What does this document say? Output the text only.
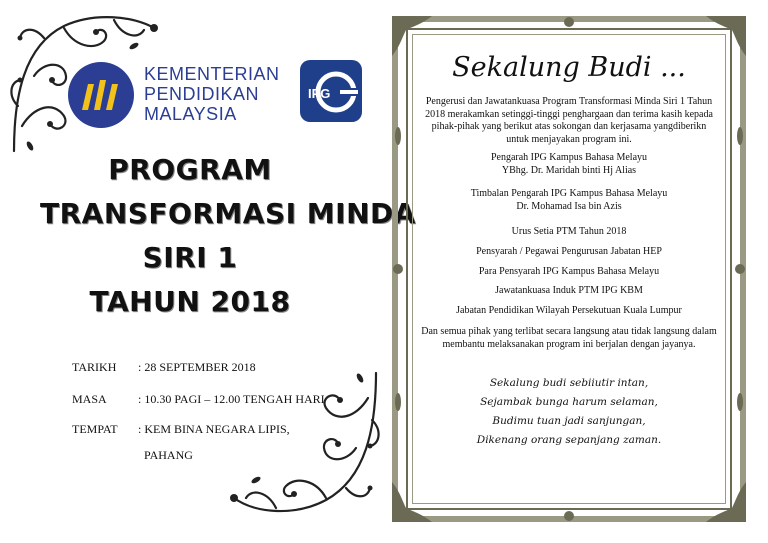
KEMENTERIAN
PENDIDIKAN
MALAYSIA
IPG
PROGRAM
TRANSFORMASI MINDA
SIRI 1
TAHUN 2018
TARIKH : 28 SEPTEMBER 2018
MASA	: 10.30 PAGI – 12.00 TENGAH HARI
TEMPAT : KEM BINA NEGARA LIPIS,
PAHANG
Sekalung Budi ...
Pengerusi dan Jawatankuasa Program Transformasi Minda Siri 1 Tahun 2018 merakamkan setinggi-tinggi penghargaan dan terima kasih kepada pihak-pihak yang berikut atas sokongan dan kerjasama yangdiberikn untuk menjayakan program ini.
Pengarah IPG Kampus Bahasa Melayu
YBhg. Dr. Maridah binti Hj Alias
Timbalan Pengarah IPG Kampus Bahasa Melayu
Dr. Mohamad Isa bin Azis
Urus Setia PTM Tahun 2018
Pensyarah / Pegawai Pengurusan Jabatan HEP
Para Pensyarah IPG Kampus Bahasa Melayu
Jawatankuasa Induk PTM IPG KBM
Jabatan Pendidikan Wilayah Persekutuan Kuala Lumpur
Dan semua pihak yang terlibat secara langsung atau tidak langsung dalam membantu melaksanakan program ini berjalan dengan jayanya.
Sekalung budi sebiiutir intan,
Sejambak bunga harum selaman,
Budimu tuan jadi sanjungan,
Dikenang orang sepanjang zaman.
